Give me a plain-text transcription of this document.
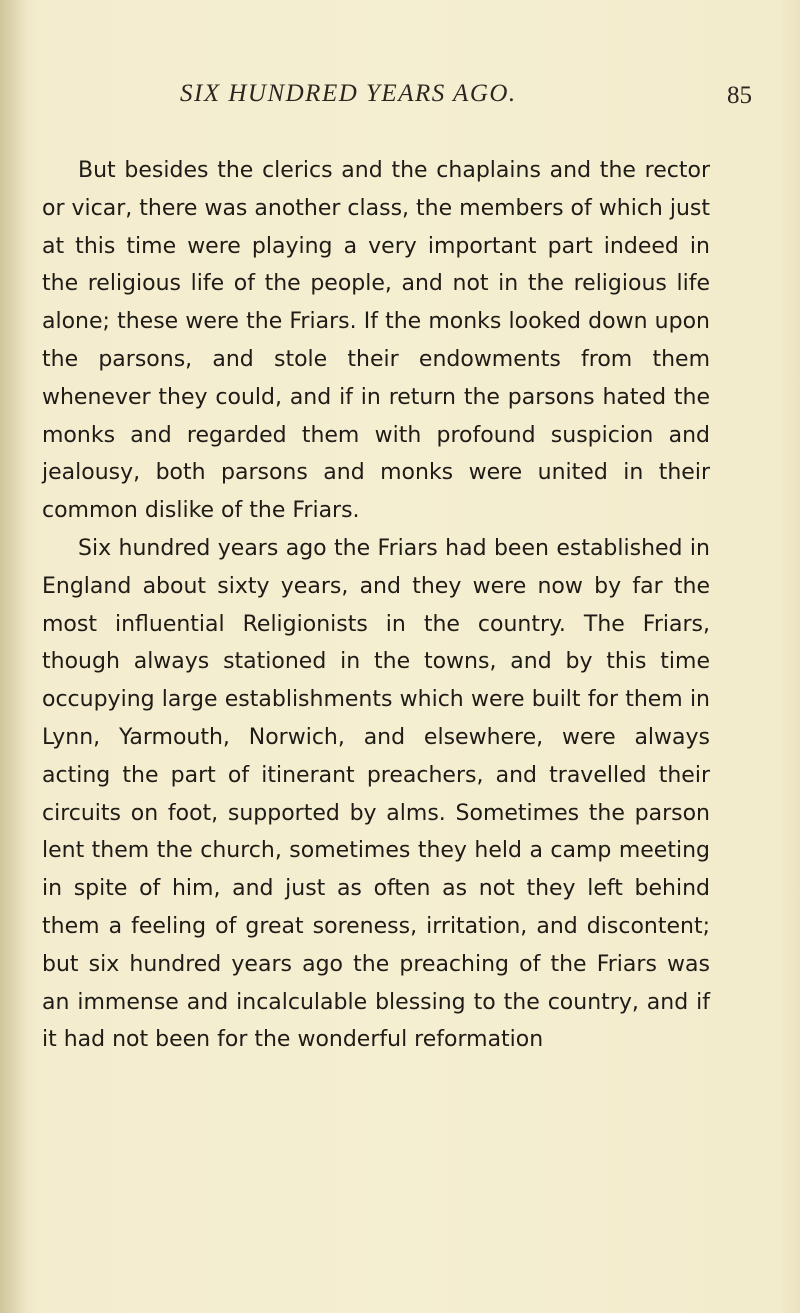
SIX HUNDRED YEARS AGO.	85

But besides the clerics and the chaplains and the rector or vicar, there was another class, the members of which just at this time were playing a very important part indeed in the religious life of the people, and not in the religious life alone; these were the Friars. If the monks looked down upon the parsons, and stole their endowments from them whenever they could, and if in return the parsons hated the monks and regarded them with profound suspicion and jealousy, both parsons and monks were united in their common dislike of the Friars.

Six hundred years ago the Friars had been established in England about sixty years, and they were now by far the most influential Religionists in the country. The Friars, though always stationed in the towns, and by this time occupying large establishments which were built for them in Lynn, Yarmouth, Norwich, and elsewhere, were always acting the part of itinerant preachers, and travelled their circuits on foot, supported by alms. Sometimes the parson lent them the church, sometimes they held a camp meeting in spite of him, and just as often as not they left behind them a feeling of great soreness, irritation, and discontent; but six hundred years ago the preaching of the Friars was an immense and incalculable blessing to the country, and if it had not been for the wonderful reformation
